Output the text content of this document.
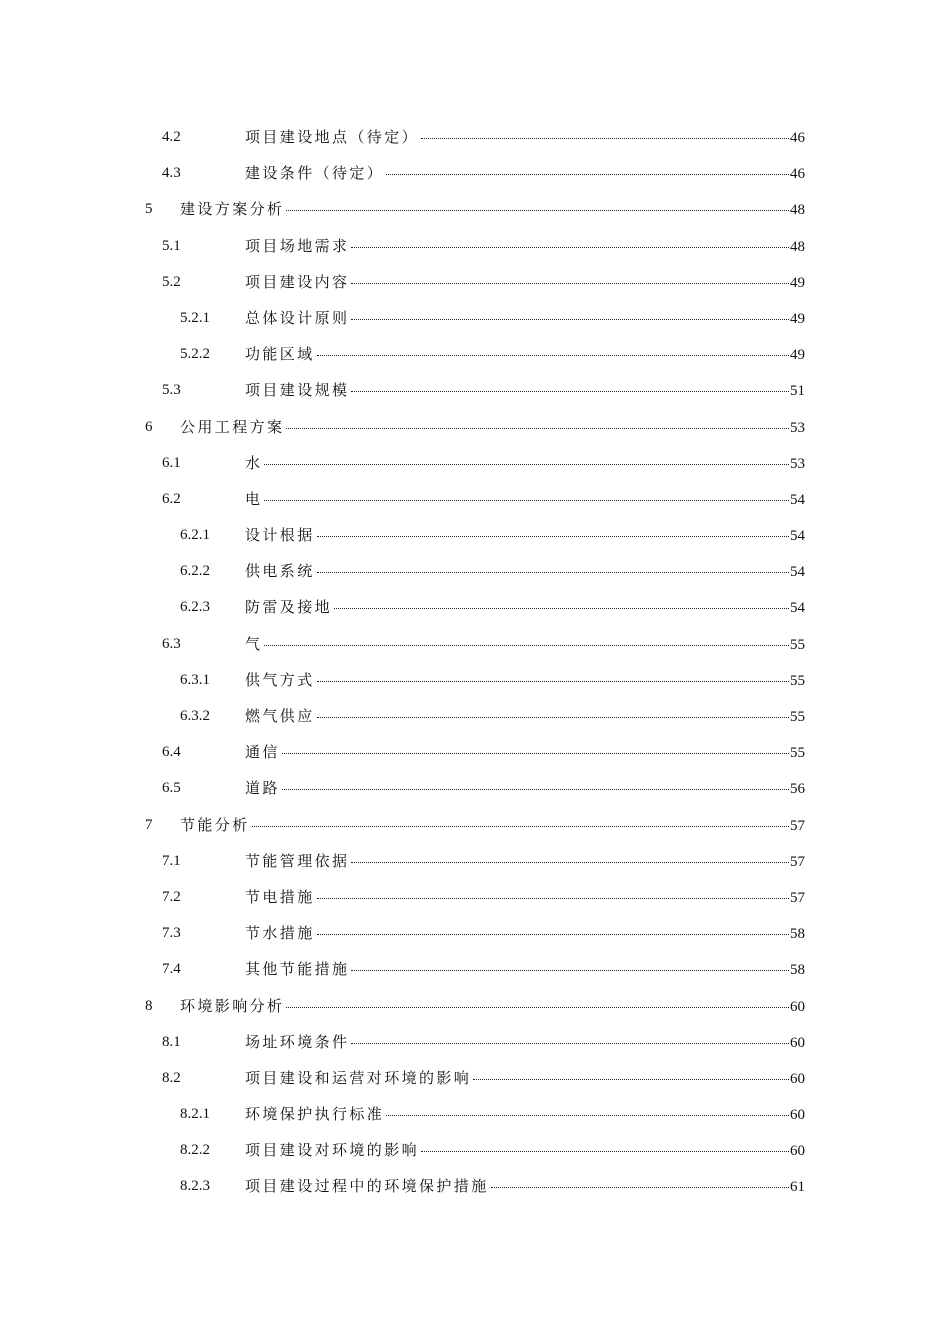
4.2	项目建设地点（待定）	46
4.3	建设条件（待定）	46
5 建设方案分析	48
5.1	项目场地需求	48
5.2	项目建设内容	49
5.2.1 总体设计原则	49
5.2.2 功能区域	49
5.3	项目建设规模	51
6 公用工程方案	53
6.1	水	53
6.2	电	54
6.2.1 设计根据	54
6.2.2 供电系统	54
6.2.3 防雷及接地	54
6.3	气	55
6.3.1 供气方式	55
6.3.2 燃气供应	55
6.4	通信	55
6.5	道路	56
7 节能分析	57
7.1	节能管理依据	57
7.2	节电措施	57
7.3	节水措施	58
7.4	其他节能措施	58
8 环境影响分析	60
8.1	场址环境条件	60
8.2	项目建设和运营对环境的影响	60
8.2.1 环境保护执行标准	60
8.2.2 项目建设对环境的影响	60
8.2.3 项目建设过程中的环境保护措施	61
